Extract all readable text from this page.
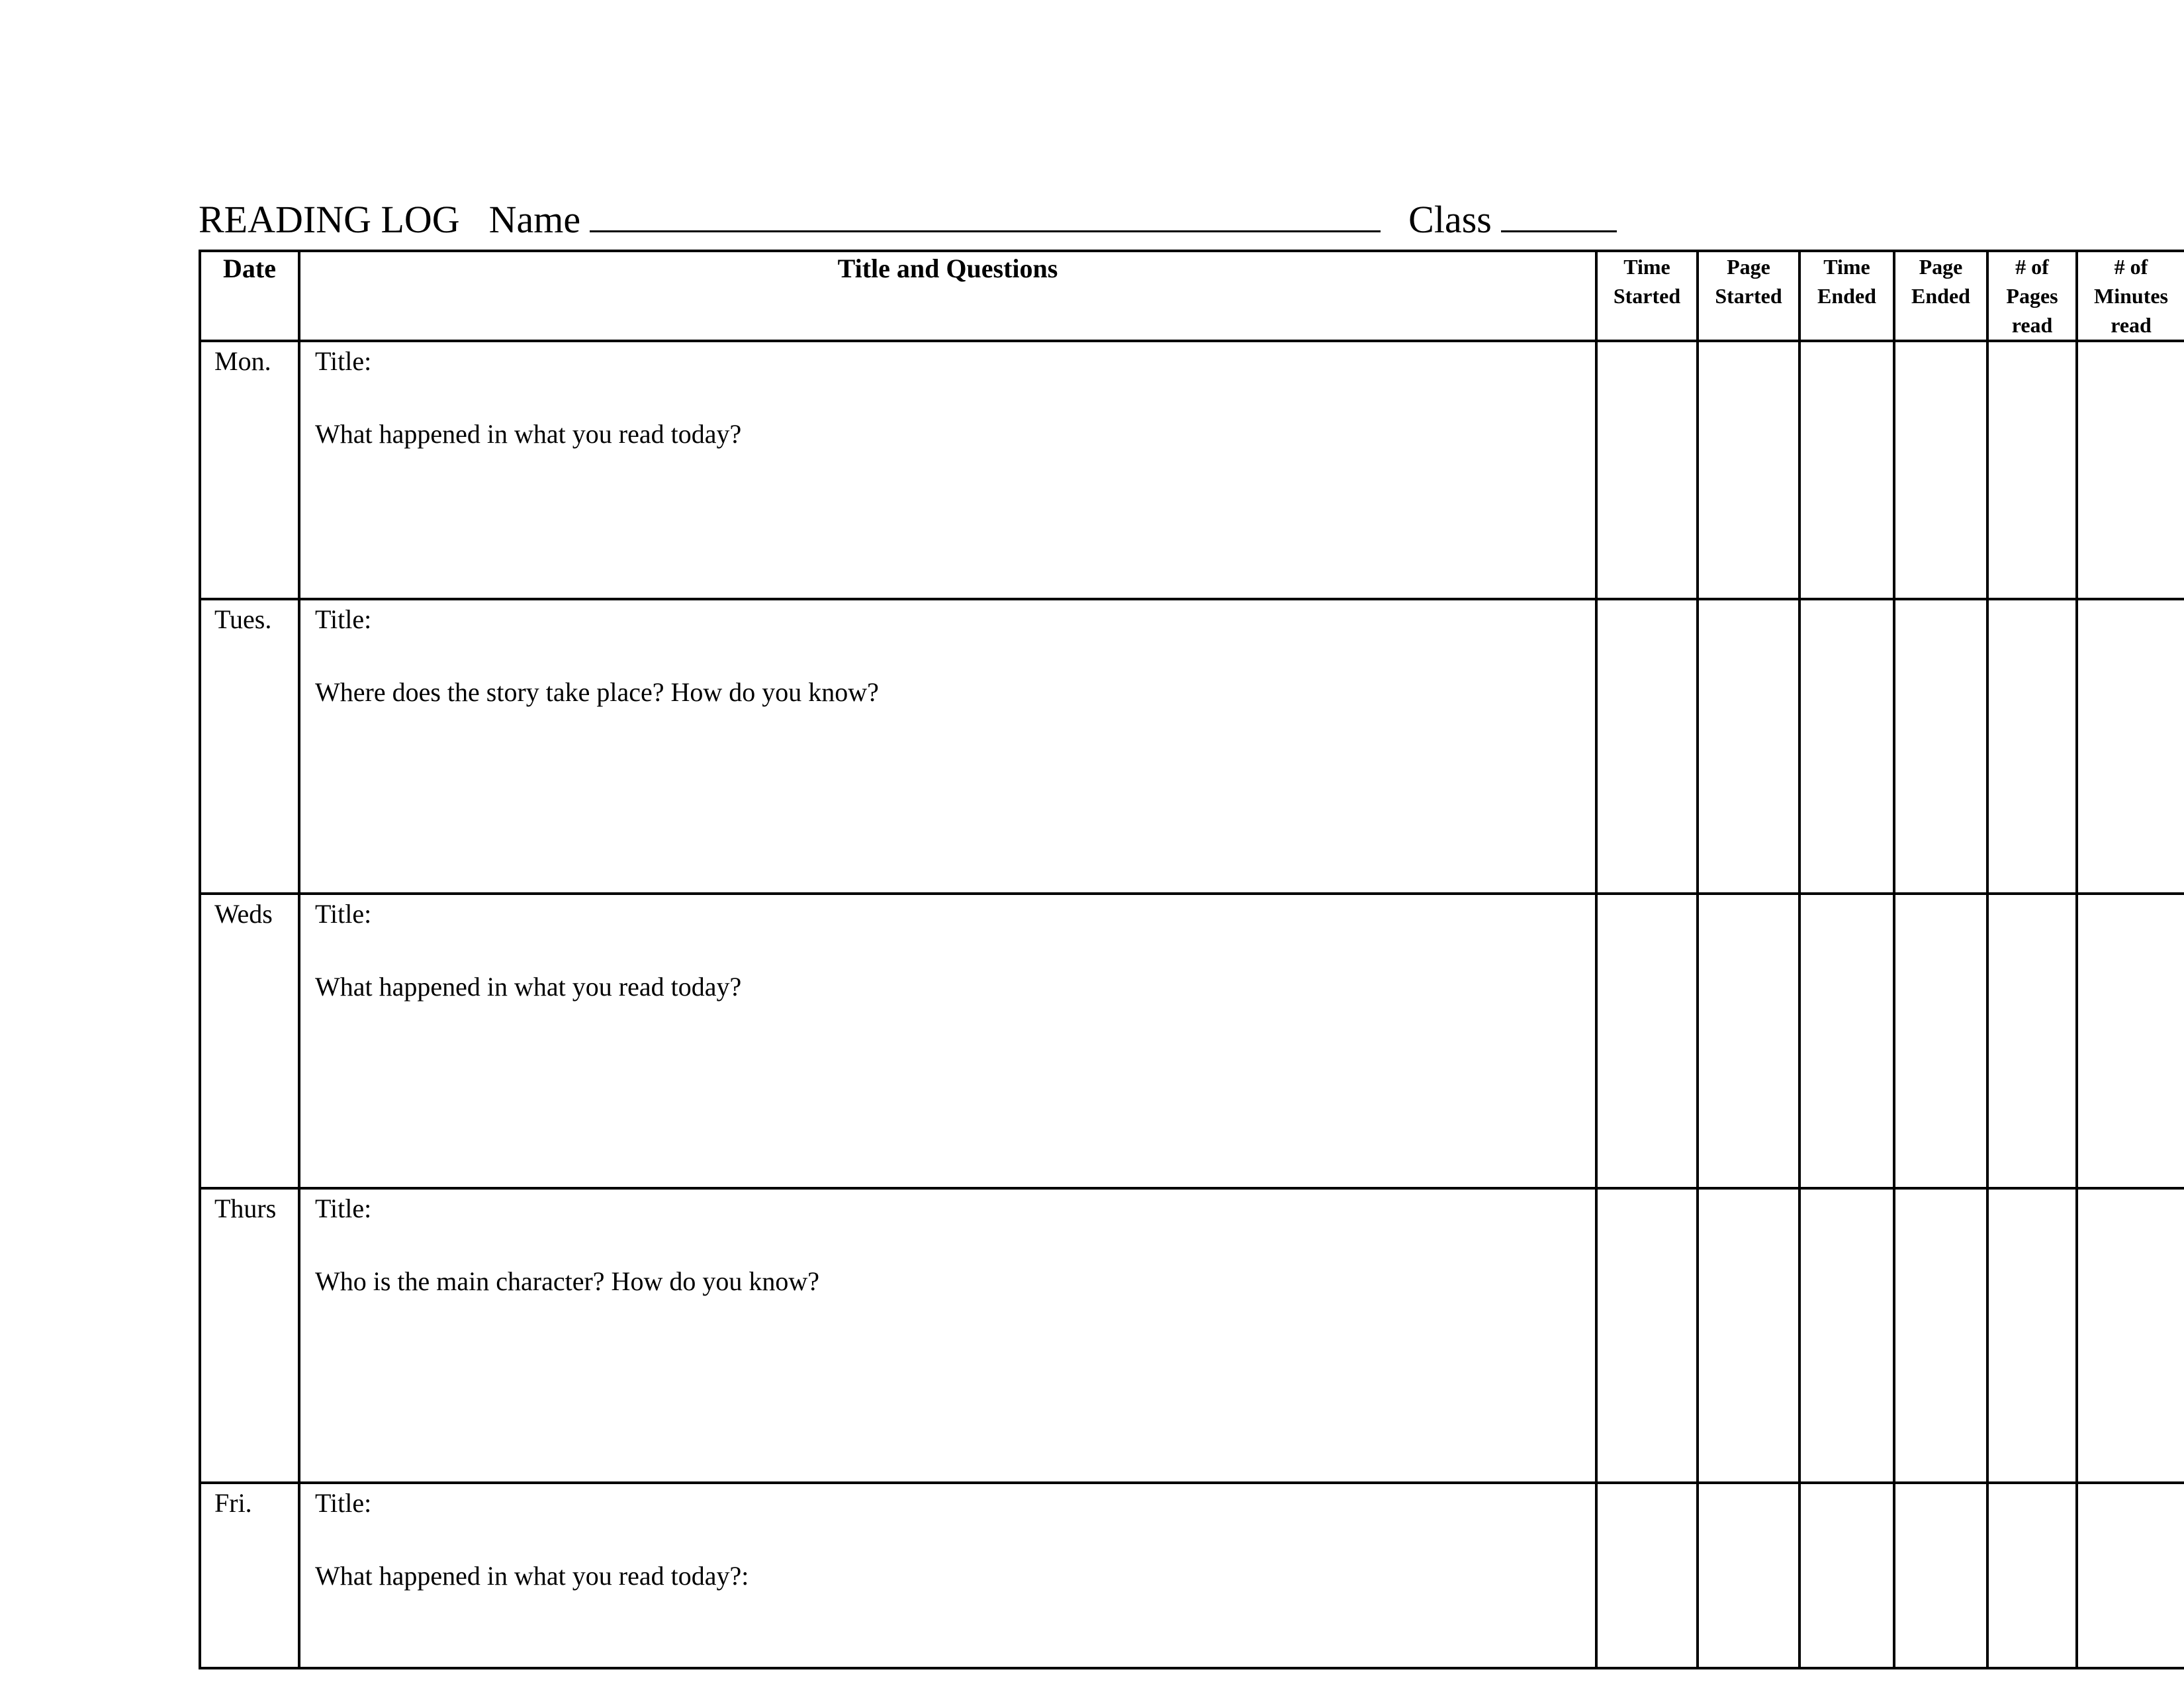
READING LOG Name	Class
Date	Title and Questions	Time Started	Page Started	Time Ended	Page Ended	# of Pages read	# of Minutes read
Mon.	Title:
What happened in what you read today?						

Tues.	Title:
Where does the story take place? How do you know?						

Weds	Title:
What happened in what you read today?						

Thurs	Title:
Who is the main character? How do you know?						

Fri.	Title:
What happened in what you read today?:						
